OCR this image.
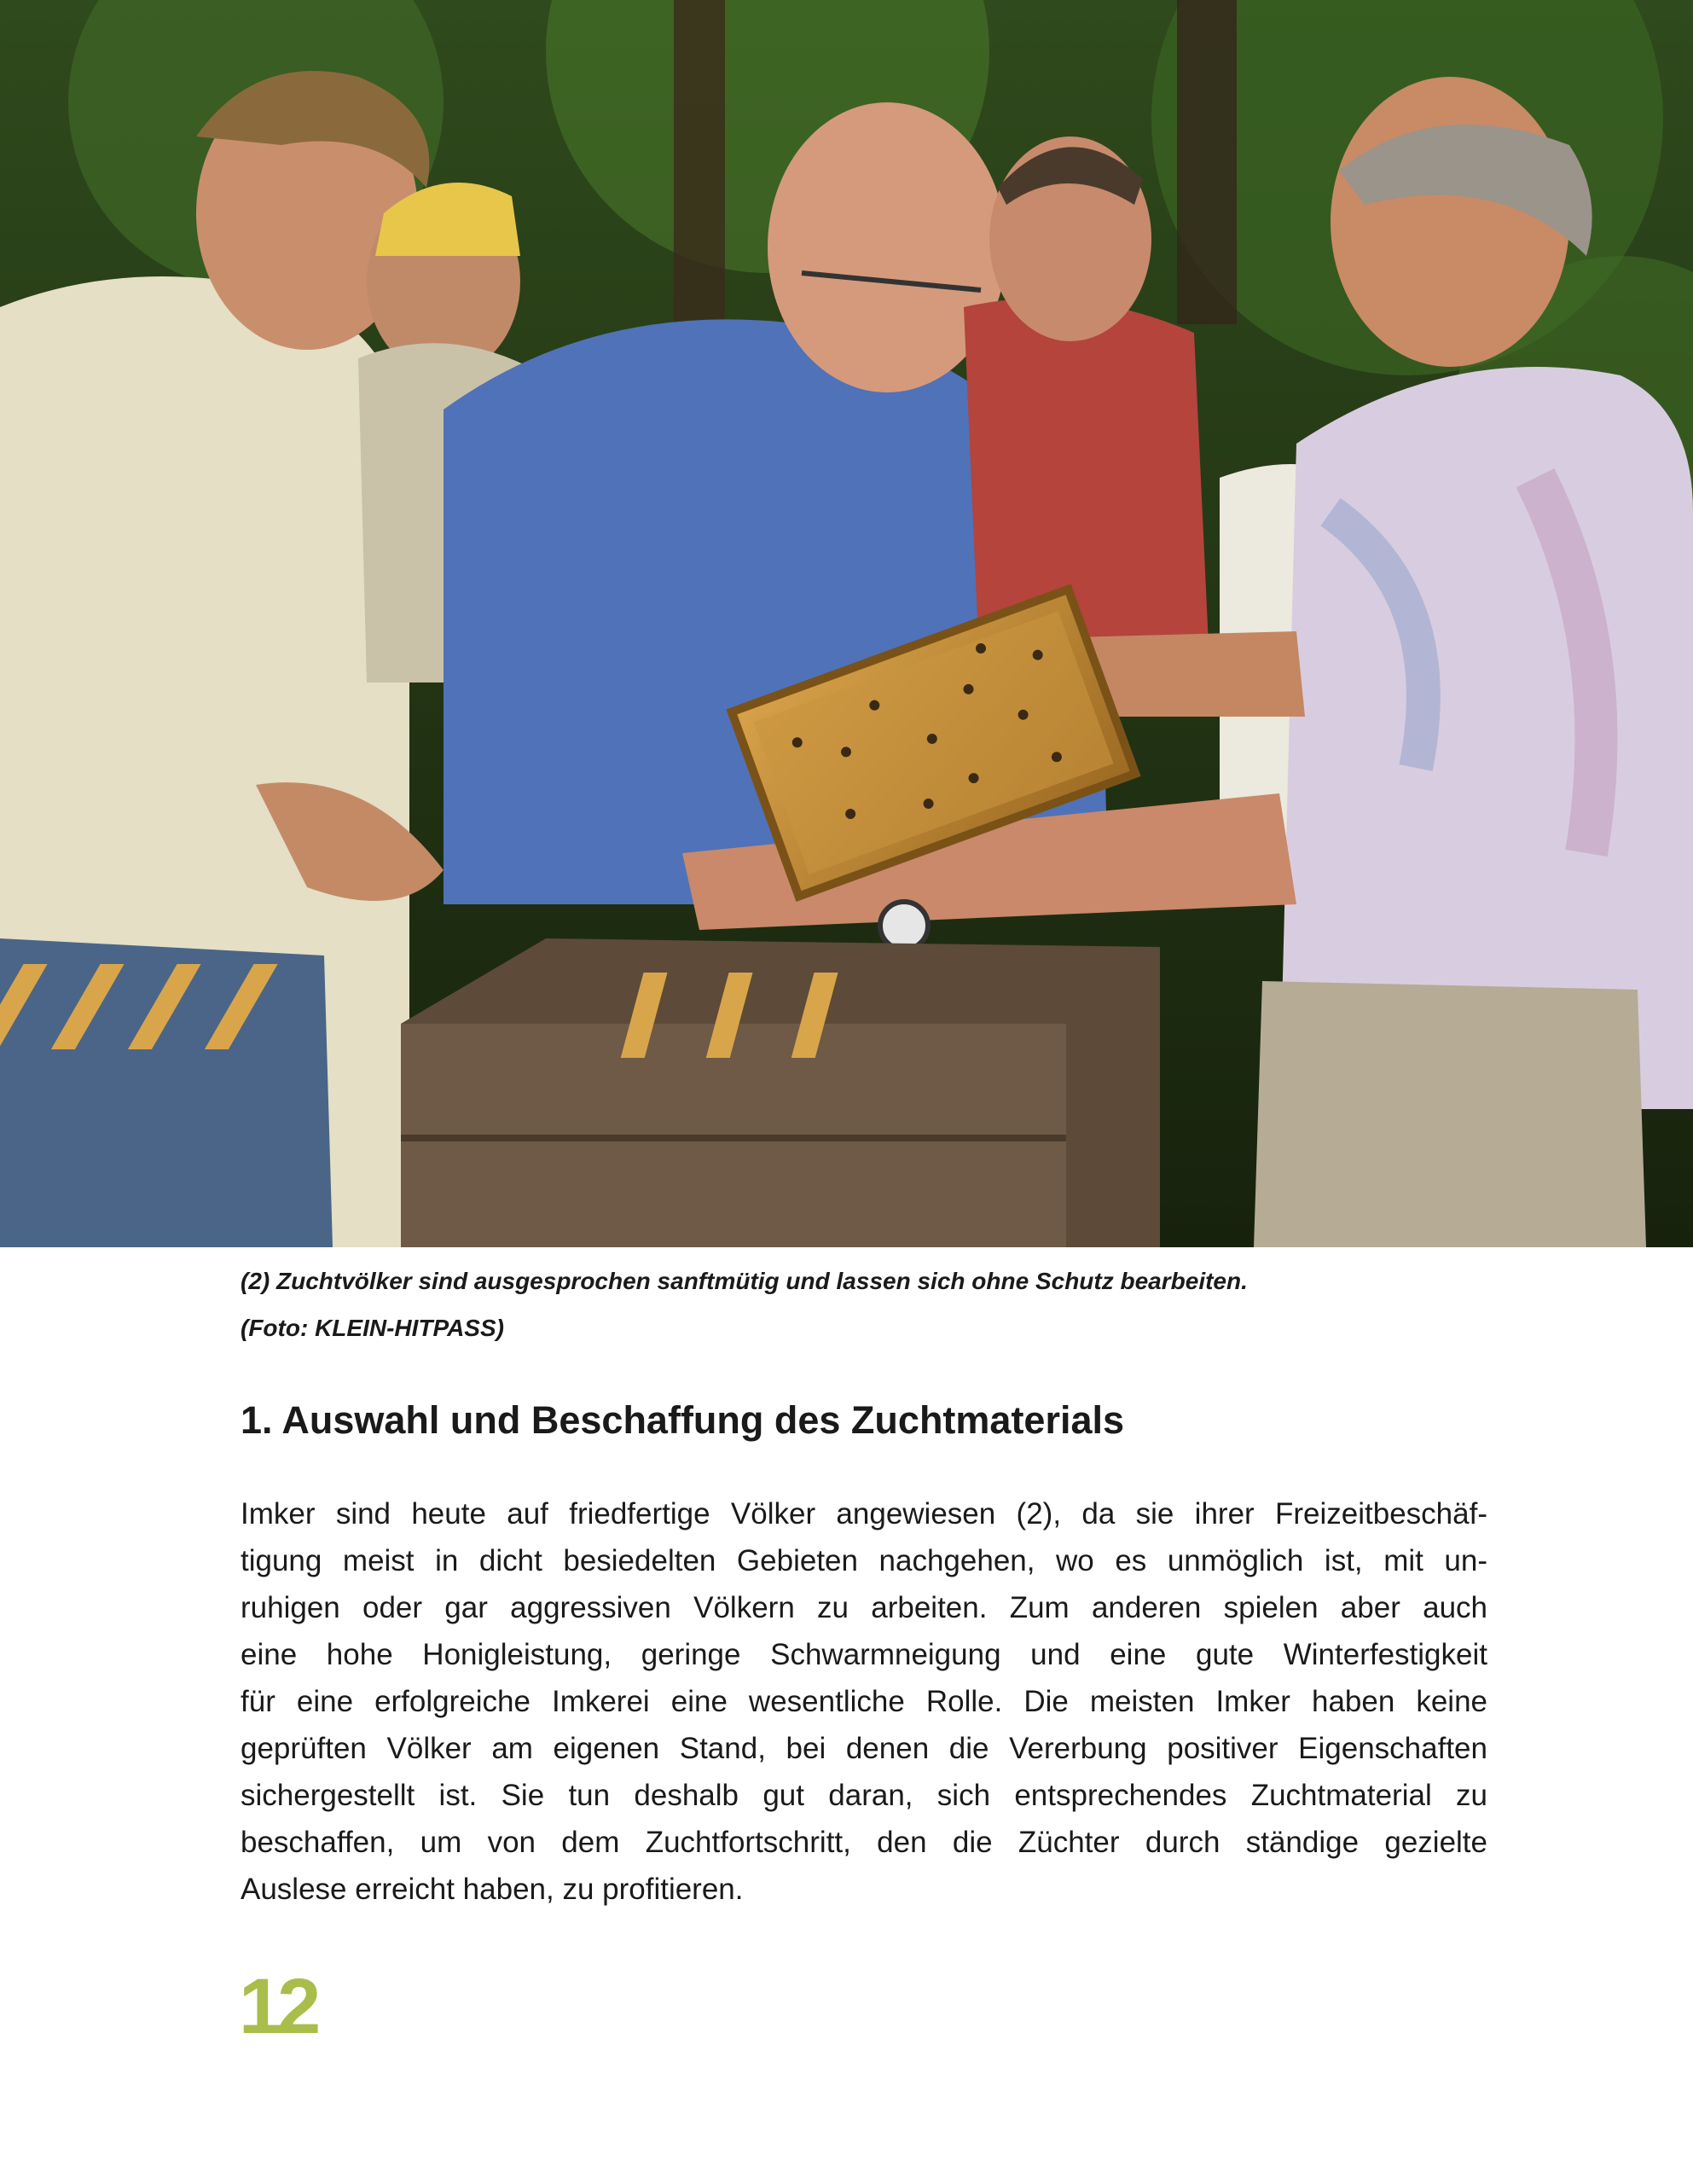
(2) Zuchtvölker sind ausgesprochen sanftmütig und lassen sich ohne Schutz bearbeiten.
(Foto: KLEIN-HITPASS)
1. Auswahl und Beschaffung des Zuchtmaterials
Imker sind heute auf friedfertige Völker angewiesen (2), da sie ihrer Freizeitbeschäf-
tigung meist in dicht besiedelten Gebieten nachgehen, wo es unmöglich ist, mit un-
ruhigen oder gar aggressiven Völkern zu arbeiten. Zum anderen spielen aber auch
eine hohe Honigleistung, geringe Schwarmneigung und eine gute Winterfestigkeit
für eine erfolgreiche Imkerei eine wesentliche Rolle. Die meisten Imker haben keine
geprüften Völker am eigenen Stand, bei denen die Vererbung positiver Eigenschaften
sichergestellt ist. Sie tun deshalb gut daran, sich entsprechendes Zuchtmaterial zu
beschaffen, um von dem Zuchtfortschritt, den die Züchter durch ständige gezielte
Auslese erreicht haben, zu profitieren.
12
